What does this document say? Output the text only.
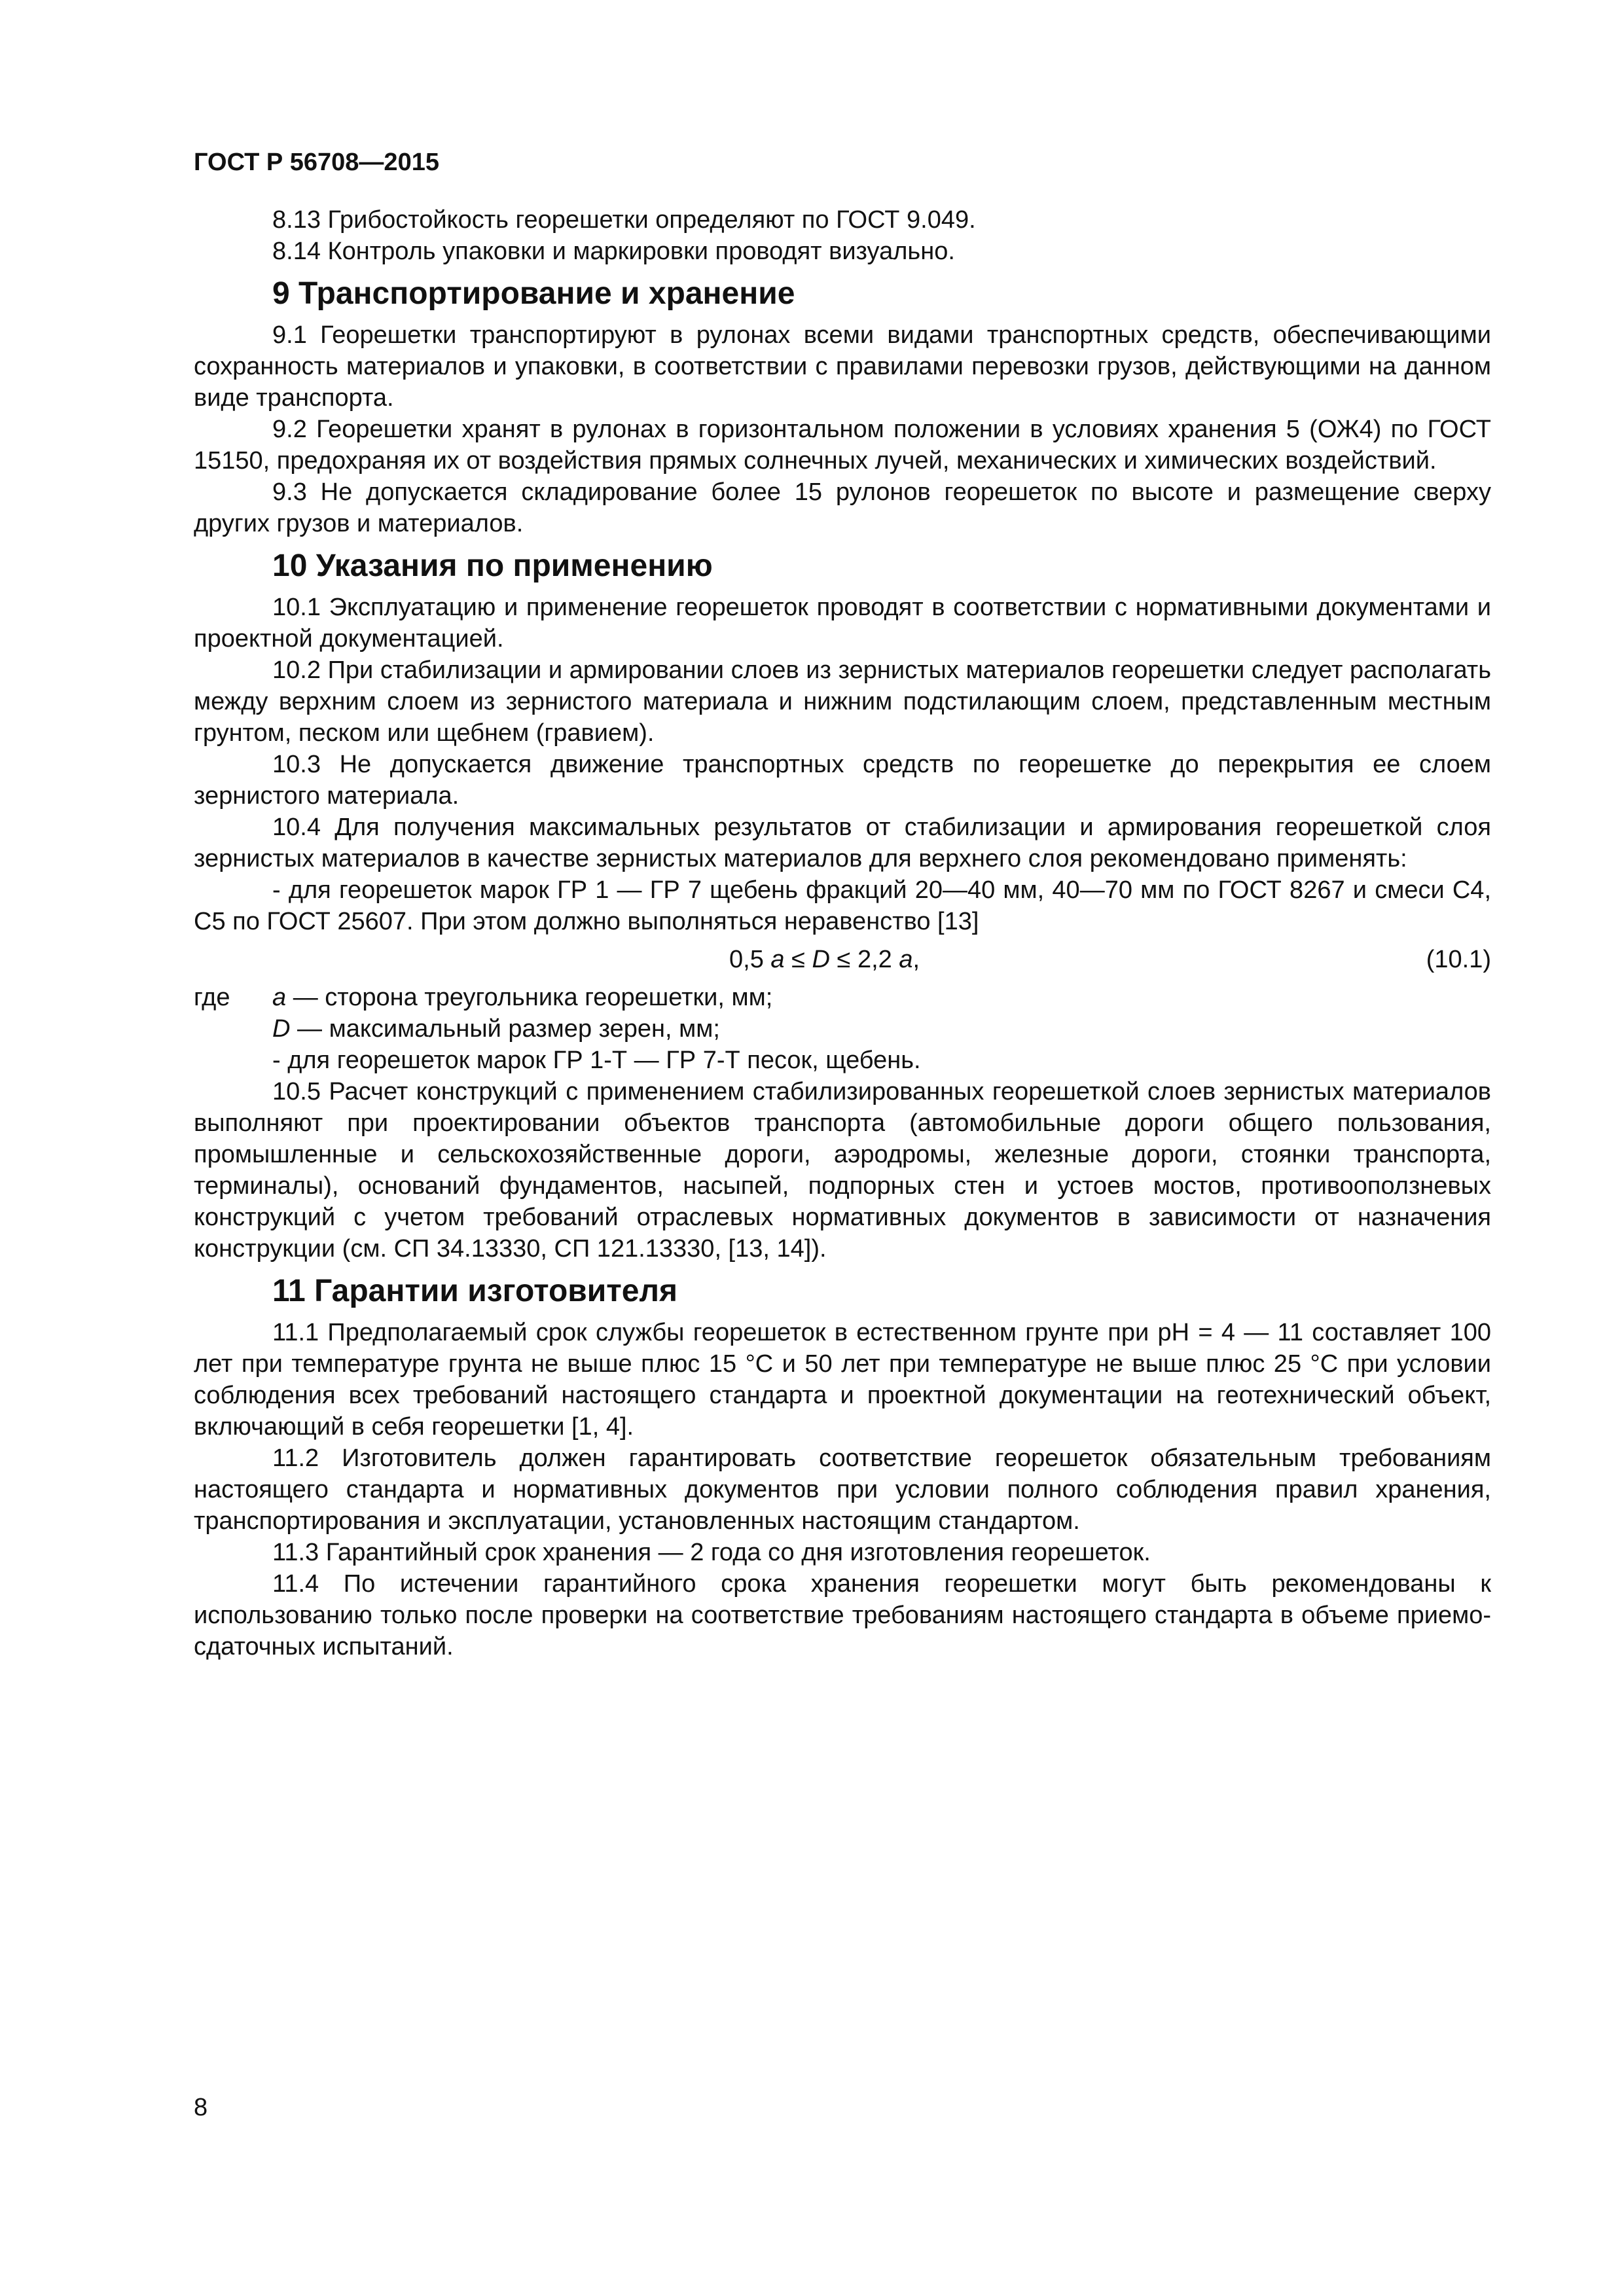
ГОСТ Р 56708—2015

8.13 Грибостойкость георешетки определяют по ГОСТ 9.049.

8.14 Контроль упаковки и маркировки проводят визуально.

9 Транспортирование и хранение

9.1 Георешетки транспортируют в рулонах всеми видами транспортных средств, обеспечивающими сохранность материалов и упаковки, в соответствии с правилами перевозки грузов, действующими на данном виде транспорта.

9.2 Георешетки хранят в рулонах в горизонтальном положении в условиях хранения 5 (ОЖ4) по ГОСТ 15150, предохраняя их от воздействия прямых солнечных лучей, механических и химических воздействий.

9.3 Не допускается складирование более 15 рулонов георешеток по высоте и размещение сверху других грузов и материалов.

10 Указания по применению

10.1 Эксплуатацию и применение георешеток проводят в соответствии с нормативными документами и проектной документацией.

10.2 При стабилизации и армировании слоев из зернистых материалов георешетки следует располагать между верхним слоем из зернистого материала и нижним подстилающим слоем, представленным местным грунтом, песком или щебнем (гравием).

10.3 Не допускается движение транспортных средств по георешетке до перекрытия ее слоем зернистого материала.

10.4 Для получения максимальных результатов от стабилизации и армирования георешеткой слоя зернистых материалов в качестве зернистых материалов для верхнего слоя рекомендовано применять:

- для георешеток марок ГР 1 — ГР 7 щебень фракций 20—40 мм, 40—70 мм по ГОСТ 8267 и смеси С4, С5 по ГОСТ 25607. При этом должно выполняться неравенство [13]

0,5 a ≤ D ≤ 2,2 a,	(10.1)
где a — сторона треугольника георешетки, мм;
D — максимальный размер зерен, мм;

- для георешеток марок ГР 1-Т — ГР 7-Т песок, щебень.

10.5 Расчет конструкций с применением стабилизированных георешеткой слоев зернистых материалов выполняют при проектировании объектов транспорта (автомобильные дороги общего пользования, промышленные и сельскохозяйственные дороги, аэродромы, железные дороги, стоянки транспорта, терминалы), оснований фундаментов, насыпей, подпорных стен и устоев мостов, противооползневых конструкций с учетом требований отраслевых нормативных документов в зависимости от назначения конструкции (см. СП 34.13330, СП 121.13330, [13, 14]).

11 Гарантии изготовителя

11.1 Предполагаемый срок службы георешеток в естественном грунте при pH = 4 — 11 составляет 100 лет при температуре грунта не выше плюс 15 °С и 50 лет при температуре не выше плюс 25 °С при условии соблюдения всех требований настоящего стандарта и проектной документации на геотехнический объект, включающий в себя георешетки [1, 4].

11.2 Изготовитель должен гарантировать соответствие георешеток обязательным требованиям настоящего стандарта и нормативных документов при условии полного соблюдения правил хранения, транспортирования и эксплуатации, установленных настоящим стандартом.

11.3 Гарантийный срок хранения — 2 года со дня изготовления георешеток.

11.4 По истечении гарантийного срока хранения георешетки могут быть рекомендованы к использованию только после проверки на соответствие требованиям настоящего стандарта в объеме приемо-сдаточных испытаний.

8
